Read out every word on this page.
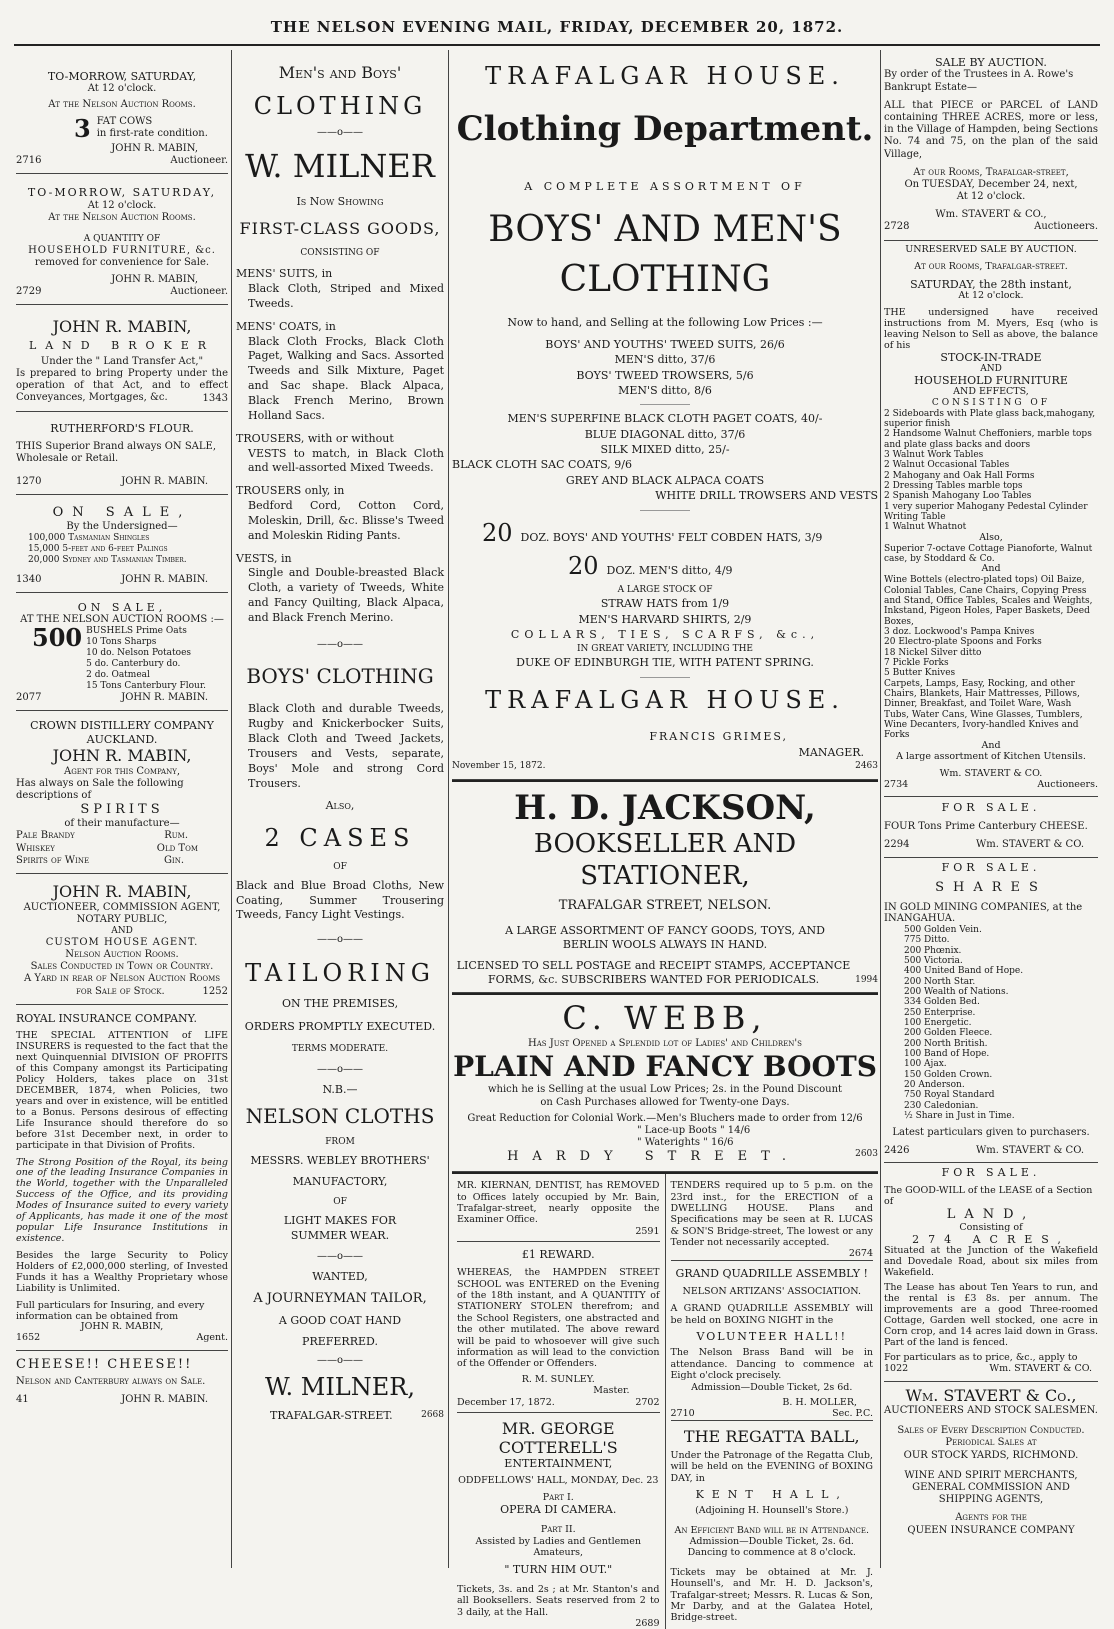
THE NELSON EVENING MAIL, FRIDAY, DECEMBER 20, 1872.
TO-MORROW, SATURDAY,
At 12 o'clock.
At the Nelson Auction Rooms.
3 FAT COWS
in first-rate condition.
JOHN R. MABIN,
2716	Auctioneer.
TO-MORROW, SATURDAY,
At 12 o'clock.
At the Nelson Auction Rooms.
A QUANTITY OF
HOUSEHOLD FURNITURE, &c.
removed for convenience for Sale.
JOHN R. MABIN,
2729	Auctioneer.
JOHN R. MABIN,
LAND BROKER
Under the " Land Transfer Act,"
Is prepared to bring Property under the operation of that Act, and to effect Conveyances, Mortgages, &c.	1343
RUTHERFORD'S FLOUR.
THIS Superior Brand always ON SALE, Wholesale or Retail.
1270	JOHN R. MABIN.
ON SALE,
By the Undersigned—
100,000 Tasmanian Shingles
15,000 5-feet and 6-feet Palings
20,000 Sydney and Tasmanian Timber.
1340	JOHN R. MABIN.
ON SALE,
AT THE NELSON AUCTION ROOMS :—
500 BUSHELS Prime Oats
10 Tons Sharps
10 do. Nelson Potatoes
5 do. Canterbury do.
2 do. Oatmeal
15 Tons Canterbury Flour.
2077	JOHN R. MABIN.
CROWN DISTILLERY COMPANY AUCKLAND.
JOHN R. MABIN,
Agent for this Company,
Has always on Sale the following descriptions of
SPIRITS
of their manufacture—
Pale Brandy	Rum.
Whiskey	Old Tom
Spirits of Wine	Gin.
JOHN R. MABIN,
AUCTIONEER, COMMISSION AGENT,
NOTARY PUBLIC,
AND
CUSTOM HOUSE AGENT.
Nelson Auction Rooms.
Sales Conducted in Town or Country.
A Yard in rear of Nelson Auction Rooms
for Sale of Stock.	1252
ROYAL INSURANCE COMPANY.
THE SPECIAL ATTENTION of LIFE INSURERS is requested to the fact that the next Quinquennial DIVISION OF PROFITS of this Company amongst its Participating Policy Holders, takes place on 31st DECEMBER, 1874, when Policies, two years and over in existence, will be entitled to a Bonus. Persons desirous of effecting Life Insurance should therefore do so before 31st December next, in order to participate in that Division of Profits.
The Strong Position of the Royal, its being one of the leading Insurance Companies in the World, together with the Unparalleled Success of the Office, and its providing Modes of Insurance suited to every variety of Applicants, has made it one of the most popular Life Insurance Institutions in existence.
Besides the large Security to Policy Holders of £2,000,000 sterling, of Invested Funds it has a Wealthy Proprietary whose Liability is Unlimited.
Full particulars for Insuring, and every information can be obtained from
JOHN R. MABIN,
1652	Agent.
CHEESE!! CHEESE!!
Nelson and Canterbury always on Sale.
41	JOHN R. MABIN.
Men's and Boys'
CLOTHING
——o——
W. MILNER
Is Now Showing
FIRST-CLASS GOODS,
CONSISTING OF
MENS' SUITS, in
Black Cloth, Striped and Mixed Tweeds.
MENS' COATS, in
Black Cloth Frocks, Black Cloth Paget, Walking and Sacs. Assorted Tweeds and Silk Mixture, Paget and Sac shape. Black Alpaca, Black French Merino, Brown Holland Sacs.
TROUSERS, with or without
VESTS to match, in Black Cloth and well-assorted Mixed Tweeds.
TROUSERS only, in
Bedford Cord, Cotton Cord, Moleskin, Drill, &c. Blisse's Tweed and Moleskin Riding Pants.
VESTS, in
Single and Double-breasted Black Cloth, a variety of Tweeds, White and Fancy Quilting, Black Alpaca, and Black French Merino.
——o——
BOYS' CLOTHING
Black Cloth and durable Tweeds, Rugby and Knickerbocker Suits, Black Cloth and Tweed Jackets, Trousers and Vests, separate, Boys' Mole and strong Cord Trousers.
Also,
2 CASES
OF
Black and Blue Broad Cloths, New Coating, Summer Trousering Tweeds, Fancy Light Vestings.
——o——
TAILORING
ON THE PREMISES,
ORDERS PROMPTLY EXECUTED.
TERMS MODERATE.
——o——
N.B.—
NELSON CLOTHS
FROM
MESSRS. WEBLEY BROTHERS'
MANUFACTORY,
OF
LIGHT MAKES FOR SUMMER WEAR.
——o——
WANTED,
A JOURNEYMAN TAILOR,
A GOOD COAT HAND
PREFERRED.
——o——
W. MILNER,
TRAFALGAR-STREET.	2668
TRAFALGAR HOUSE.
Clothing Department.
A COMPLETE ASSORTMENT OF
BOYS' AND MEN'S CLOTHING
Now to hand, and Selling at the following Low Prices :—
BOYS' AND YOUTHS' TWEED SUITS, 26/6
MEN'S ditto, 37/6
BOYS' TWEED TROWSERS, 5/6
MEN'S ditto, 8/6
MEN'S SUPERFINE BLACK CLOTH PAGET COATS, 40/-
BLUE DIAGONAL ditto, 37/6
SILK MIXED ditto, 25/-
BLACK CLOTH SAC COATS, 9/6
GREY AND BLACK ALPACA COATS
WHITE DRILL TROWSERS AND VESTS
20 DOZ. BOYS' AND YOUTHS' FELT COBDEN HATS, 3/9
20 DOZ. MEN'S ditto, 4/9
A LARGE STOCK OF
STRAW HATS from 1/9
MEN'S HARVARD SHIRTS, 2/9
COLLARS, TIES, SCARFS, &c.,
IN GREAT VARIETY, INCLUDING THE
DUKE OF EDINBURGH TIE, WITH PATENT SPRING.
TRAFALGAR HOUSE.
FRANCIS GRIMES,
MANAGER.
November 15, 1872.	2463
H. D. JACKSON,
BOOKSELLER AND STATIONER,
TRAFALGAR STREET, NELSON.
A LARGE ASSORTMENT OF FANCY GOODS, TOYS, AND BERLIN WOOLS ALWAYS IN HAND.
LICENSED TO SELL POSTAGE and RECEIPT STAMPS, ACCEPTANCE FORMS, &c. SUBSCRIBERS WANTED FOR PERIODICALS.	1994
C. WEBB,
Has Just Opened a Splendid lot of Ladies' and Children's
PLAIN AND FANCY BOOTS
which he is Selling at the usual Low Prices; 2s. in the Pound Discount on Cash Purchases allowed for Twenty-one Days.
Great Reduction for Colonial Work.—Men's Bluchers made to order from 12/6
" Lace-up Boots " 14/6
" Waterights " 16/6
HARDY STREET.	2603
MR. KIERNAN, DENTIST, has REMOVED to Offices lately occupied by Mr. Bain, Trafalgar-street, nearly opposite the Examiner Office.
2591
£1 REWARD.
WHEREAS, the HAMPDEN STREET SCHOOL was ENTERED on the Evening of the 18th instant, and A QUANTITY of STATIONERY STOLEN therefrom; and the School Registers, one abstracted and the other mutilated. The above reward will be paid to whosoever will give such information as will lead to the conviction of the Offender or Offenders.
R. M. SUNLEY.
Master.
December 17, 1872.	2702
MR. GEORGE COTTERELL'S
ENTERTAINMENT,
ODDFELLOWS' HALL, MONDAY, Dec. 23
Part I.
OPERA DI CAMERA.
Part II.
Assisted by Ladies and Gentlemen Amateurs,
" TURN HIM OUT."
Tickets, 3s. and 2s ; at Mr. Stanton's and all Booksellers. Seats reserved from 2 to 3 daily, at the Hall.
2689
TENDERS required up to 5 p.m. on the 23rd inst., for the ERECTION of a DWELLING HOUSE. Plans and Specifications may be seen at R. LUCAS & SON'S Bridge-street, The lowest or any Tender not necessarily accepted.
2674
GRAND QUADRILLE ASSEMBLY !
NELSON ARTIZANS' ASSOCIATION.
A GRAND QUADRILLE ASSEMBLY will be held on BOXING NIGHT in the
VOLUNTEER HALL!!
The Nelson Brass Band will be in attendance. Dancing to commence at Eight o'clock precisely.
Admission—Double Ticket, 2s 6d.
B. H. MOLLER,
2710	Sec. P.C.
THE REGATTA BALL,
Under the Patronage of the Regatta Club, will be held on the EVENING of BOXING DAY, in
KENT HALL,
(Adjoining H. Hounsell's Store.)
An Efficient Band will be in Attendance.
Admission—Double Ticket, 2s. 6d.
Dancing to commence at 8 o'clock.
Tickets may be obtained at Mr. J. Hounsell's, and Mr. H. D. Jackson's, Trafalgar-street; Messrs. R. Lucas & Son, Mr Darby, and at the Galatea Hotel, Bridge-street.
SALE BY AUCTION.
By order of the Trustees in A. Rowe's Bankrupt Estate—
ALL that PIECE or PARCEL of LAND containing THREE ACRES, more or less, in the Village of Hampden, being Sections No. 74 and 75, on the plan of the said Village,
At our Rooms, Trafalgar-street,
On TUESDAY, December 24, next,
At 12 o'clock.
Wm. STAVERT & CO.,
2728	Auctioneers.
UNRESERVED SALE BY AUCTION.
At our Rooms, Trafalgar-street.
SATURDAY, the 28th instant,
At 12 o'clock.
THE undersigned have received instructions from M. Myers, Esq (who is leaving Nelson to Sell as above, the balance of his
STOCK-IN-TRADE
AND
HOUSEHOLD FURNITURE
AND EFFECTS,
CONSISTING OF
2 Sideboards with Plate glass back,mahogany, superior finish
2 Handsome Walnut Cheffoniers, marble tops and plate glass backs and doors
3 Walnut Work Tables
2 Walnut Occasional Tables
2 Mahogany and Oak Hall Forms
2 Dressing Tables marble tops
2 Spanish Mahogany Loo Tables
1 very superior Mahogany Pedestal Cylinder Writing Table
1 Walnut Whatnot
Also,
Superior 7-octave Cottage Pianoforte, Walnut case, by Stoddard & Co.
And
Wine Bottels (electro-plated tops) Oil Baize, Colonial Tables, Cane Chairs, Copying Press and Stand, Office Tables, Scales and Weights, Inkstand, Pigeon Holes, Paper Baskets, Deed Boxes,
3 doz. Lockwood's Pampa Knives
20 Electro-plate Spoons and Forks
18 Nickel Silver ditto
7 Pickle Forks
5 Butter Knives
Carpets, Lamps, Easy, Rocking, and other Chairs, Blankets, Hair Mattresses, Pillows, Dinner, Breakfast, and Toilet Ware, Wash Tubs, Water Cans, Wine Glasses, Tumblers, Wine Decanters, Ivory-handled Knives and Forks
And
A large assortment of Kitchen Utensils.
Wm. STAVERT & CO.
2734	Auctioneers.
FOR SALE.
FOUR Tons Prime Canterbury CHEESE.
2294	Wm. STAVERT & CO.
FOR SALE.
SHARES
IN GOLD MINING COMPANIES, at the INANGAHUA.
500 Golden Vein.
775 Ditto.
200 Phœnix.
500 Victoria.
400 United Band of Hope.
200 North Star.
200 Wealth of Nations.
334 Golden Bed.
250 Enterprise.
100 Energetic.
200 Golden Fleece.
200 North British.
100 Band of Hope.
100 Ajax.
150 Golden Crown.
20 Anderson.
750 Royal Standard
230 Caledonian.
½ Share in Just in Time.
Latest particulars given to purchasers.
2426	Wm. STAVERT & CO.
FOR SALE.
The GOOD-WILL of the LEASE of a Section of
LAND,
Consisting of
274 ACRES,
Situated at the Junction of the Wakefield and Dovedale Road, about six miles from Wakefield.
The Lease has about Ten Years to run, and the rental is £3 8s. per annum. The improvements are a good Three-roomed Cottage, Garden well stocked, one acre in Corn crop, and 14 acres laid down in Grass. Part of the land is fenced.
For particulars as to price, &c., apply to
1022	Wm. STAVERT & CO.
Wm. STAVERT & Co.,
AUCTIONEERS AND STOCK SALESMEN.
Sales of Every Description Conducted.
Periodical Sales at
OUR STOCK YARDS, RICHMOND.
WINE AND SPIRIT MERCHANTS, GENERAL COMMISSION AND SHIPPING AGENTS,
Agents for the
QUEEN INSURANCE COMPANY
